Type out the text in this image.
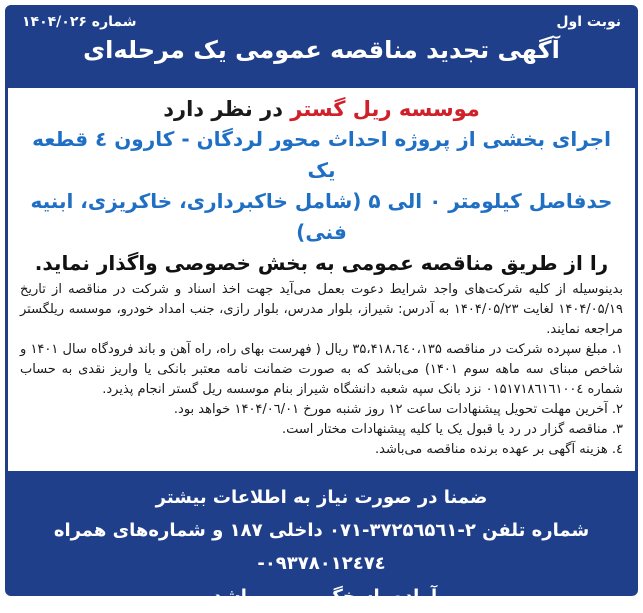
نوبت اول
شماره ۱۴۰۴/۰۲۶
آگهی تجدید مناقصه عمومی یک مرحله‌ای
موسسه ریل گستر در نظر دارد
اجرای بخشی از پروژه احداث محور لردگان - کارون ٤ قطعه یک
حدفاصل کیلومتر ۰ الی ۵ (شامل خاکبرداری، خاکریزی، ابنیه فنی)
را از طریق مناقصه عمومی به بخش خصوصی واگذار نماید.

بدینوسیله از کلیه شرکت‌های واجد شرایط دعوت بعمل می‌آید جهت اخذ اسناد و شرکت در مناقصه از تاریخ ۱۴۰۴/۰۵/۱۹ لغایت ۱۴۰۴/۰۵/۲۳ به آدرس: شیراز، بلوار مدرس، بلوار رازی، جنب امداد خودرو، موسسه ریلگستر مراجعه نمایند.

۱. مبلغ سپرده شرکت در مناقصه ۳۵،۴۱۸،٦٤۰،۱۳۵ ریال ( فهرست بهای راه، راه آهن و باند فرودگاه سال ۱۴۰۱ و شاخص مبنای سه ماهه سوم ۱۴۰۱) می‌باشد که به صورت ضمانت نامه معتبر بانکی یا واریز نقدی به حساب شماره ۰۱۵۱۷۱۸٦۱٦۱۰۰٤ نزد بانک سپه شعبه دانشگاه شیراز بنام موسسه ریل گستر انجام پذیرد.
۲. آخرین مهلت تحویل پیشنهادات ساعت ۱۲ روز شنبه مورخ ۱۴۰۴/۰٦/۰۱ خواهد بود.
۳. مناقصه گزار در رد یا قبول یک یا کلیه پیشنهادات مختار است.
٤. هزینه آگهی بر عهده برنده مناقصه می‌باشد.
ضمنا در صورت نیاز به اطلاعات بیشتر
شماره تلفن ۲-۳۷۲۵٦۵٦۱-۰۷۱ داخلی ۱۸۷ و شماره‌های همراه ۰۹۳۷۸۰۱۲٤۷٤-
آماده پاسخگویی می باشد.
